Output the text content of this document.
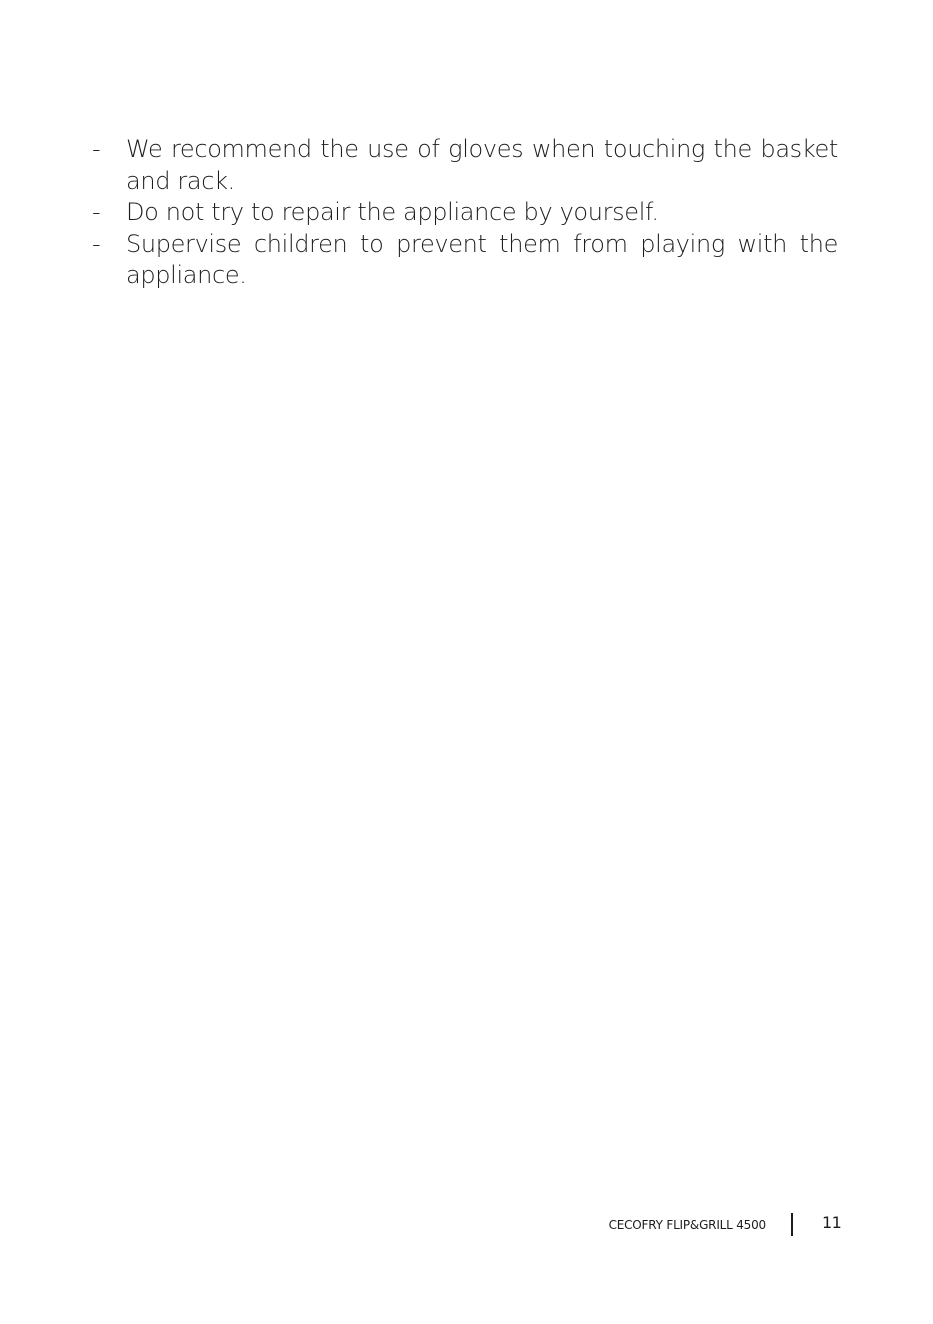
-	We recommend the use of gloves when touching the basket and rack.
-	Do not try to repair the appliance by yourself.
-	Supervise children to prevent them from playing with the appliance.
CECOFRY FLIP&GRILL 4500	11
